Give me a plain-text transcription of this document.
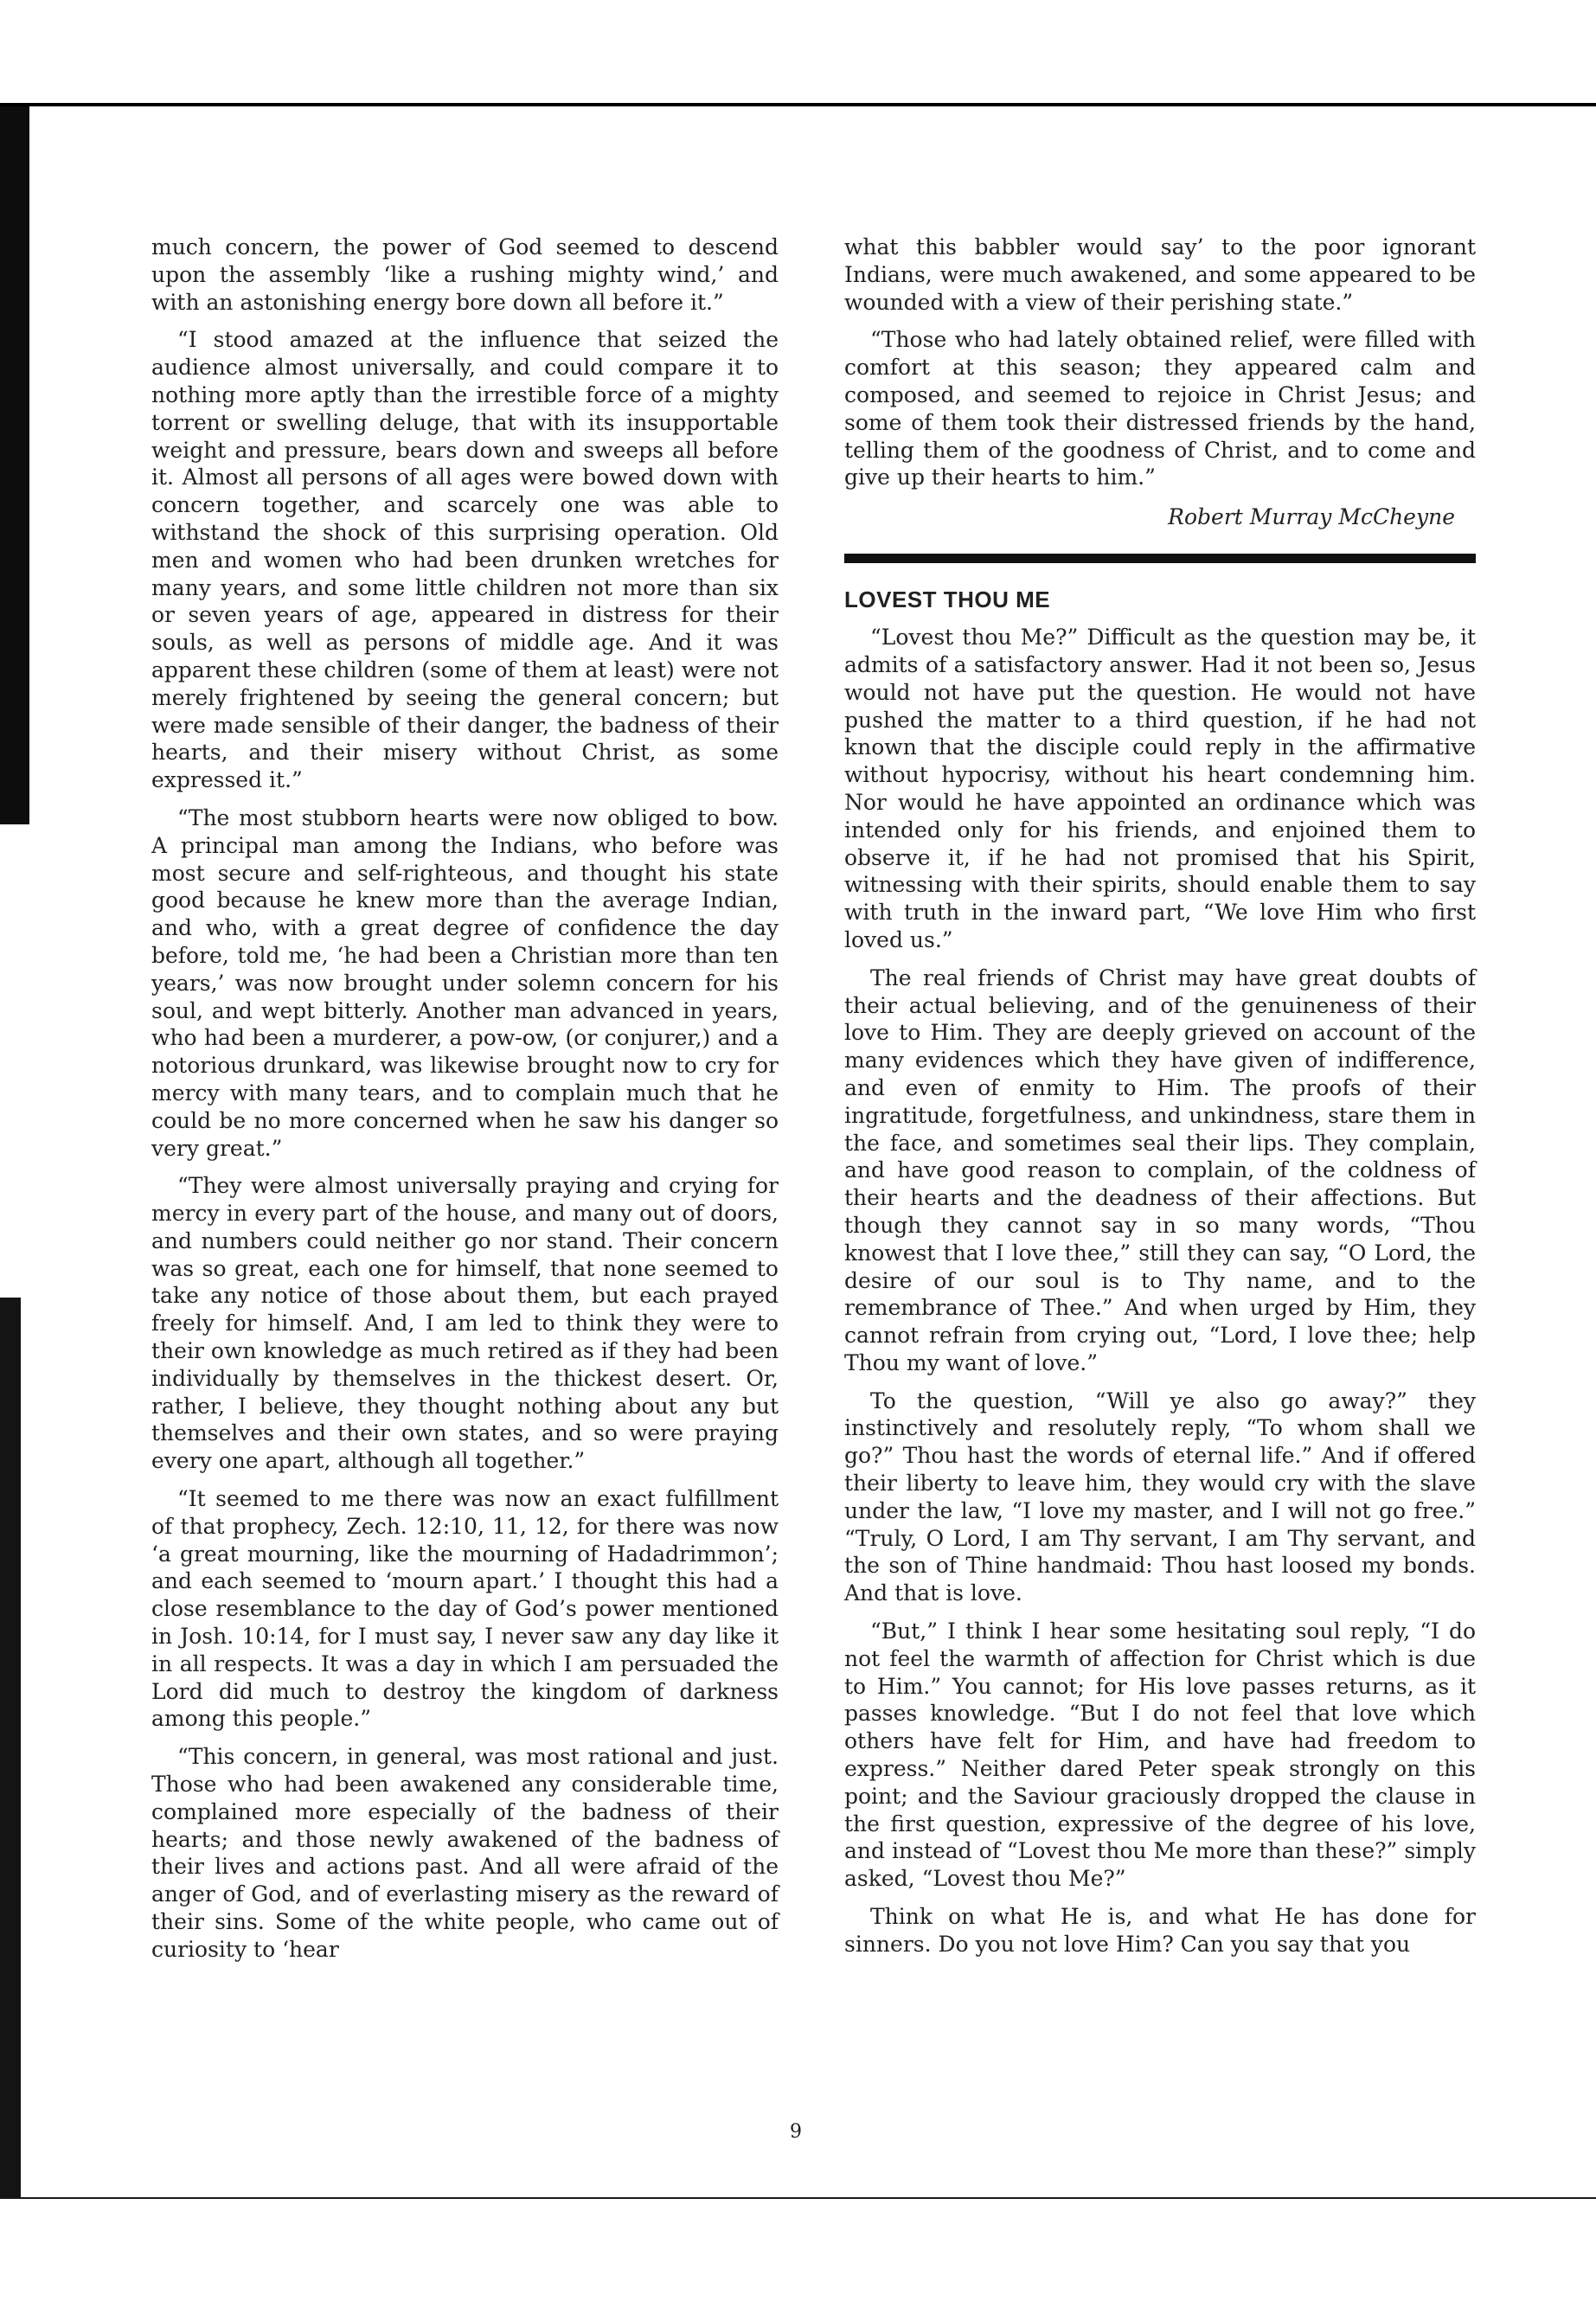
much concern, the power of God seemed to descend upon the assembly ‘like a rushing mighty wind,’ and with an astonishing energy bore down all before it.”

“I stood amazed at the influence that seized the audience almost universally, and could compare it to nothing more aptly than the irrestible force of a mighty torrent or swelling deluge, that with its insupportable weight and pressure, bears down and sweeps all before it. Almost all persons of all ages were bowed down with concern together, and scarcely one was able to withstand the shock of this surprising operation. Old men and women who had been drunken wretches for many years, and some little children not more than six or seven years of age, appeared in distress for their souls, as well as persons of middle age. And it was apparent these children (some of them at least) were not merely frightened by seeing the general concern; but were made sensible of their danger, the badness of their hearts, and their misery without Christ, as some expressed it.”

“The most stubborn hearts were now obliged to bow. A principal man among the Indians, who before was most secure and self-righteous, and thought his state good because he knew more than the average Indian, and who, with a great degree of confidence the day before, told me, ‘he had been a Christian more than ten years,’ was now brought under solemn concern for his soul, and wept bitterly. Another man advanced in years, who had been a murderer, a pow-ow, (or conjurer,) and a notorious drunkard, was likewise brought now to cry for mercy with many tears, and to complain much that he could be no more concerned when he saw his danger so very great.”

“They were almost universally praying and crying for mercy in every part of the house, and many out of doors, and numbers could neither go nor stand. Their concern was so great, each one for himself, that none seemed to take any notice of those about them, but each prayed freely for himself. And, I am led to think they were to their own knowledge as much retired as if they had been individually by themselves in the thickest desert. Or, rather, I believe, they thought nothing about any but themselves and their own states, and so were praying every one apart, although all together.”

“It seemed to me there was now an exact fulfillment of that prophecy, Zech. 12:10, 11, 12, for there was now ‘a great mourning, like the mourning of Hadadrimmon’; and each seemed to ‘mourn apart.’ I thought this had a close resemblance to the day of God’s power mentioned in Josh. 10:14, for I must say, I never saw any day like it in all respects. It was a day in which I am persuaded the Lord did much to destroy the kingdom of darkness among this people.”

“This concern, in general, was most rational and just. Those who had been awakened any considerable time, complained more especially of the badness of their hearts; and those newly awakened of the badness of their lives and actions past. And all were afraid of the anger of God, and of everlasting misery as the reward of their sins. Some of the white people, who came out of curiosity to ‘hear

what this babbler would say’ to the poor ignorant Indians, were much awakened, and some appeared to be wounded with a view of their perishing state.”

“Those who had lately obtained relief, were filled with comfort at this season; they appeared calm and composed, and seemed to rejoice in Christ Jesus; and some of them took their distressed friends by the hand, telling them of the goodness of Christ, and to come and give up their hearts to him.”

Robert Murray McCheyne
LOVEST THOU ME

“Lovest thou Me?” Difficult as the question may be, it admits of a satisfactory answer. Had it not been so, Jesus would not have put the question. He would not have pushed the matter to a third question, if he had not known that the disciple could reply in the affirmative without hypocrisy, without his heart condemning him. Nor would he have appointed an ordinance which was intended only for his friends, and enjoined them to observe it, if he had not promised that his Spirit, witnessing with their spirits, should enable them to say with truth in the inward part, “We love Him who first loved us.”

The real friends of Christ may have great doubts of their actual believing, and of the genuineness of their love to Him. They are deeply grieved on account of the many evidences which they have given of indifference, and even of enmity to Him. The proofs of their ingratitude, forgetfulness, and unkindness, stare them in the face, and sometimes seal their lips. They complain, and have good reason to complain, of the coldness of their hearts and the deadness of their affections. But though they cannot say in so many words, “Thou knowest that I love thee,” still they can say, “O Lord, the desire of our soul is to Thy name, and to the remembrance of Thee.” And when urged by Him, they cannot refrain from crying out, “Lord, I love thee; help Thou my want of love.”

To the question, “Will ye also go away?” they instinctively and resolutely reply, “To whom shall we go?” Thou hast the words of eternal life.” And if offered their liberty to leave him, they would cry with the slave under the law, “I love my master, and I will not go free.” “Truly, O Lord, I am Thy servant, I am Thy servant, and the son of Thine handmaid: Thou hast loosed my bonds. And that is love.

“But,” I think I hear some hesitating soul reply, “I do not feel the warmth of affection for Christ which is due to Him.” You cannot; for His love passes returns, as it passes knowledge. “But I do not feel that love which others have felt for Him, and have had freedom to express.” Neither dared Peter speak strongly on this point; and the Saviour graciously dropped the clause in the first question, expressive of the degree of his love, and instead of “Lovest thou Me more than these?” simply asked, “Lovest thou Me?”

Think on what He is, and what He has done for sinners. Do you not love Him? Can you say that you

9
